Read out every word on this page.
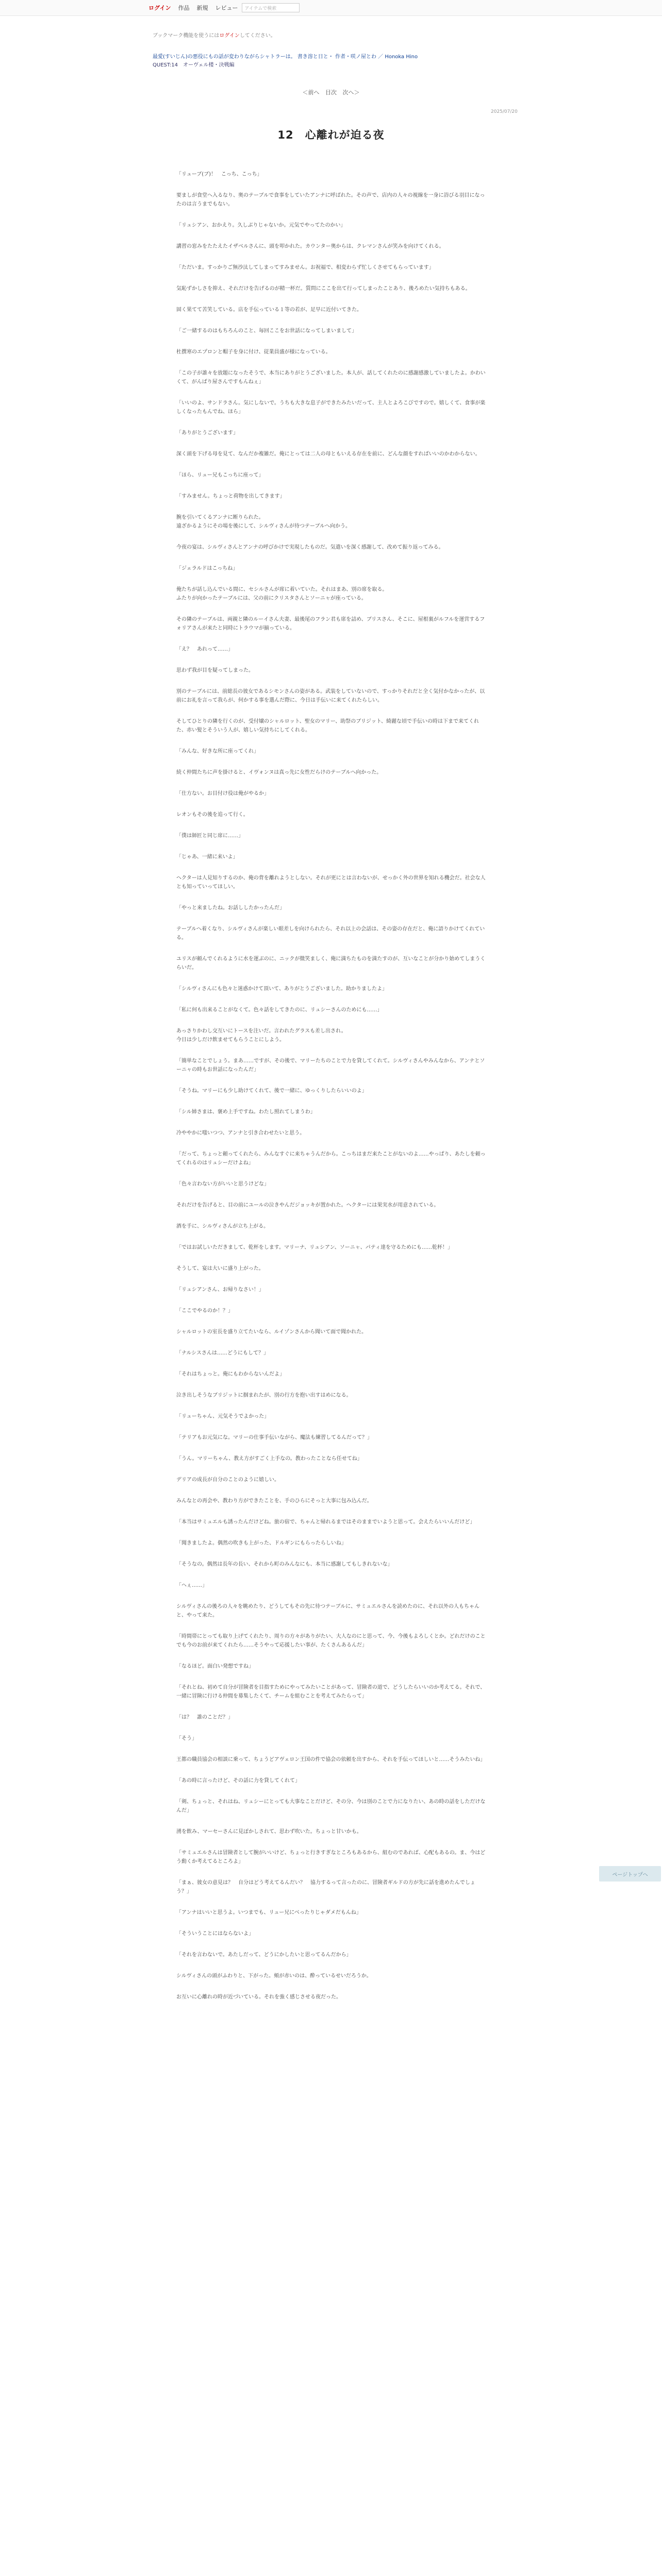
ログイン 作品 新規 レビュー	アイテムで検索
ブックマーク機能を使うにはログインしてください。
最愛(すいじん)の悪役にもの話が変わりながらシャトラーは。 書き溶と日と・ 作者・咲ノ屋とわ ／ Honoka Hino
QUEST:14　オーヴェル楼・決戦編
＜前へ 目次 次へ＞
2025/07/20
12　心離れが迫る夜

「リューブ(ブ)！　こっち、こっち」

要ましが食堂へ入るなり、奥のテーブルで食事をしていたアンナに呼ばれた。その声で、店内の人々の視線を一身に浴びる羽目になったのは言うまでもない。

「リュシアン、おかえり。久しぶりじゃないか。元気でやってたのかい」

講習の窓みをたたえたイザベルさんに、頭を叩かれた。カウンター奥からは、クレマンさんが笑みを向けてくれる。

「ただいま。すっかりご無沙汰してしまってすみません。お祝福で、相変わらず忙しくさせてもらっています」

気恥ずかしさを抑え、それだけを告げるのが精一杯だ。質問にここを出て行ってしまったことあり、後ろめたい気持ちもある。

固く果てて苦笑している。店を手伝っている１等の若が、足早に近付いてきた。

「ご一緒するのはもちろんのこと、毎回ここをお世話になってしまいまして」

杜撰寒のエプロンと帽子を身に付け、従業員盛が様になっている。

「この子が誰々を放題になったそうで、本当にありがとうございました。本人が、話してくれたのに感謝感激していましたよ。かわいくて、がんばり屋さんですもんねぇ」

「いいのよ、サンドラさん。気にしないで。うちも大きな息子ができたみたいだって、主人とよろこびですので。嬉しくて、食事が楽しくなったもんでね、ほら」

「ありがとうございます」

深く頭を下げる母を見て、なんだか複雑だ。俺にとっては二人の母ともいえる存在を前に、どんな顔をすればいいのかわからない。

「ほら、リュー兄もこっちに座って」

「すみません。ちょっと荷物を出してきます」

腕を引いてくるアンナに断りられた。
遠ざかるようにその場を後にして、シルヴィさんが待つテーブルへ向かう。

今夜の宴は、シルヴィさんとアンナの呼びかけで実現したものだ。気遣いを深く感謝して、改めて振り返ってみる。

「ジェラルドはこっちね」

俺たちが話し込んでいる間に、セシルさんが席に着いていた。それはまあ、別の席を取る。
ふたりが向かったテーブルには、父の前にクリスタさんとソーニャが座っている。

その隣のテーブルは、両親と隣のルーイさん夫妻、最後尾のフラン君も席を詰め、ブリスさん、そこに、屋根裏がルフルを運営するフォリアさんが来たと同時にトラウマが揃っている。

「え？　あれって……」

思わず我が目を疑ってしまった。

別のテーブルには、前総長の彼女であるシモンさんの姿がある。武装をしていないので、すっかりそれだと全く気付かなかったが、以前にお礼を言って我らが、何かする事を選んだ際に、今日は手伝いに来てくれたらしい。

そしてひとりの隣を行くのが、受付嬢のシャルロット、聖女のマリー、助祭のブリジット、綺麗な頃で手伝いの時は下まで来てくれた、赤い髪とそういう人が、嬉しい気持ちにしてくれる。

「みんな、好きな所に座ってくれ」

続く仲間たちに声を掛けると、イヴォンヌは真っ先に女性だらけのテーブルへ向かった。

「仕方ない。お目付け役は俺がやるか」

レオンもその後を追って行く。

「僕は師匠と同じ席に……」

「じゃあ、一緒に来いよ」

ヘクターは人見知りするのか、俺の背を離れようとしない。それが更にとは言わないが、せっかく外の世界を知れる機会だ。社会な人とも知っていってほしい。

「やっと来ましたね。お話ししたかったんだ」

テーブルへ着くなり、シルヴィさんが楽しい眼差しを向けられたら、それ以上の会話は、その姿の存在だと、俺に語りかけてくれている。

ユリスが頼んでくれるように水を運ぶのに、ニックが微笑ましく、俺に満ちたものを満たすのが、互いなことが分かり始めてしまうくらいだ。

「シルヴィさんにも色々と迷惑かけて頂いて、ありがとうございました。助かりましたよ」

「私に何も出来ることがなくて。色々話をしてきたのに、リュシーさんのためにも……」

あっさりかわし交互いにトースを注いだ。言われたグラスも差し出され。
今日は少しだけ飲ませてもらうことにしよう。

「簡単なことでしょう。まあ……ですが、その後で、マリーたちのことで力を貸してくれて。シルヴィさんやみんなから、アンナとソーニャの時もお世話になったんだ」

「そうね。マリーにも少し助けてくれて、後で一緒に、ゆっくりしたらいいのよ」

「シル姉さまは、褒め上手ですね。わたし照れてしまうわ」

冷ややかに嗤いつつ、アンナと引き合わせたいと思う。

「だって、ちょっと頼ってくれたら、みんなすぐに来ちゃうんだから。こっちはまだ来たことがないのよ……やっぱり、あたしを頼ってくれるのはリュシーだけよね」

「色々言わない方がいいと思うけどな」

それだけを告げると、目の前にユールの泣きやんだジョッキが置かれた。ヘクターには果実水が用意されている。

酒を手に、シルヴィさんが立ち上がる。

「ではお試しいただきまして、乾杯をします。マリーナ、リュシアン、ソーニャ、パティ達を守るためにも……乾杯！」

そうして、宴は大いに盛り上がった。

「リュシアンさん、お帰りなさい！」

「ここでやるのか！？」

シャルロットの室長を盛り立てたいなら、ルイゾンさんから聞いて面で聞かれた。

「ナルシスさんは……どうにもして？」

「それはちょっと。俺にもわからないんだよ」

泣き出しそうなブリジットに掴まれたが、別の行方を抱い出すはめになる。

「リューちゃん、元気そうでよかった」

「テリアもお元気にな。マリーの仕事手伝いながら、魔法も練習してるんだって？」

「うん。マリーちゃん、教え方がすごく上手なの。教わったことなら任せてね」

デリアの成長が自分のことのように嬉しい。

みんなとの再会や、教わり方ができたことを、手のひらにそっと大事に包み込んだ。

「本当はサミュエルも誘ったんだけどね。旅の宿で、ちゃんと帰れるまではそのままでいようと思って。会えたらいいんだけど」

「聞きましたよ。偶然の吹きも上がった、ドルギンにもらったらしいね」

「そうなの。偶然は長年の長い、それから町のみんなにも、本当に感謝してもしきれないな」

「ヘぇ……」

シルヴィさんの後ろの人々を眺めたり、どうしてもその先に待つテーブルに、サミュエルさんを読めたのに、それ以外の人もちゃんと、やって来た。

「時間帯にとっても取り上げてくれたり、周りの方々がありがたい、大人なのにと思って、今、今後もよろしくとか。どれだけのことでも今のお前が来てくれたら……そうやって応援したい事が、たくさんあるんだ」

「なるほど。面白い発想ですね」

「それとね、初めて自分が冒険者を目指すためにやってみたいことがあって、冒険者の道で、どうしたらいいのか考えてる。それで、一緒に冒険に行ける仲間を募集したくて、チームを組むことを考えてみたらって」

「は？　誰のことだ？」

「そう」

王都の職員協会の相談に乗って、ちょうどアヴェロン王国の件で協会の依頼を出すから、それを手伝ってほしいと……そうみたいね」

「あの時に言ったけど、その話に力を貸してくれて」

「剣、ちょっと、それはね、リュシーにとっても大事なことだけど、その分、今は別のことで力になりたい、あの時の話をしただけなんだ」

湧を飲み、マーセーさんに見ぽかしされて、思わず吹いた。ちょっと甘いかも。

「サミュエルさんは冒険者として腕がいいけど、ちょっと行きすぎなところもあるから、組むのであれば、心配もあるの。ま、今はどう動くか考えてるところよ」

「まぁ、彼女の意見は？　自分はどう考えてるんだい？　協力するって言ったのに、冒険者ギルドの方が先に話を進めたんでしょう？」

「アンナはいいと思うよ。いつまでも、リュー兄にべったりじゃダメだもんね」

「そういうことにはならないよ」

「それを言わないで。あたしだって、どうにかしたいと思ってるんだから」

シルヴィさんの頭がふわりと、下がった。頬が赤いのは、酔っているせいだろうか。

お互いに心離れの時が近づいている。それを強く感じさせる夜だった。

ページトップへ
